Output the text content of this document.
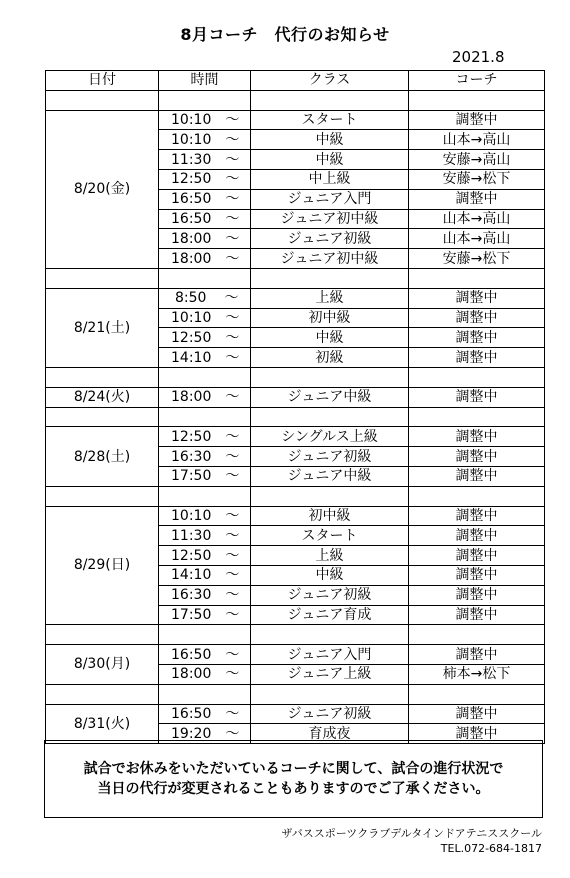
8月コーチ　代行のお知らせ
2021.8
日付	時間	クラス	コーチ

8/20(金)	10:10 ～	スタート	調整中
	10:10 ～	中級	山本→高山
	11:30 ～	中級	安藤→高山
	12:50 ～	中上級	安藤→松下
	16:50 ～	ジュニア入門	調整中
	16:50 ～	ジュニア初中級	山本→高山
	18:00 ～	ジュニア初級	山本→高山
	18:00 ～	ジュニア初中級	安藤→松下

8/21(土)	8:50 ～	上級	調整中
	10:10 ～	初中級	調整中
	12:50 ～	中級	調整中
	14:10 ～	初級	調整中

8/24(火)	18:00 ～	ジュニア中級	調整中

8/28(土)	12:50 ～	シングルス上級	調整中
	16:30 ～	ジュニア初級	調整中
	17:50 ～	ジュニア中級	調整中

8/29(日)	10:10 ～	初中級	調整中
	11:30 ～	スタート	調整中
	12:50 ～	上級	調整中
	14:10 ～	中級	調整中
	16:30 ～	ジュニア初級	調整中
	17:50 ～	ジュニア育成	調整中

8/30(月)	16:50 ～	ジュニア入門	調整中
	18:00 ～	ジュニア上級	柿本→松下

8/31(火)	16:50 ～	ジュニア初級	調整中
	19:20 ～	育成夜	調整中
試合でお休みをいただいているコーチに関して、試合の進行状況で
当日の代行が変更されることもありますのでご了承ください。
ザバススポーツクラブデルタインドアテニススクール
TEL.072-684-1817
